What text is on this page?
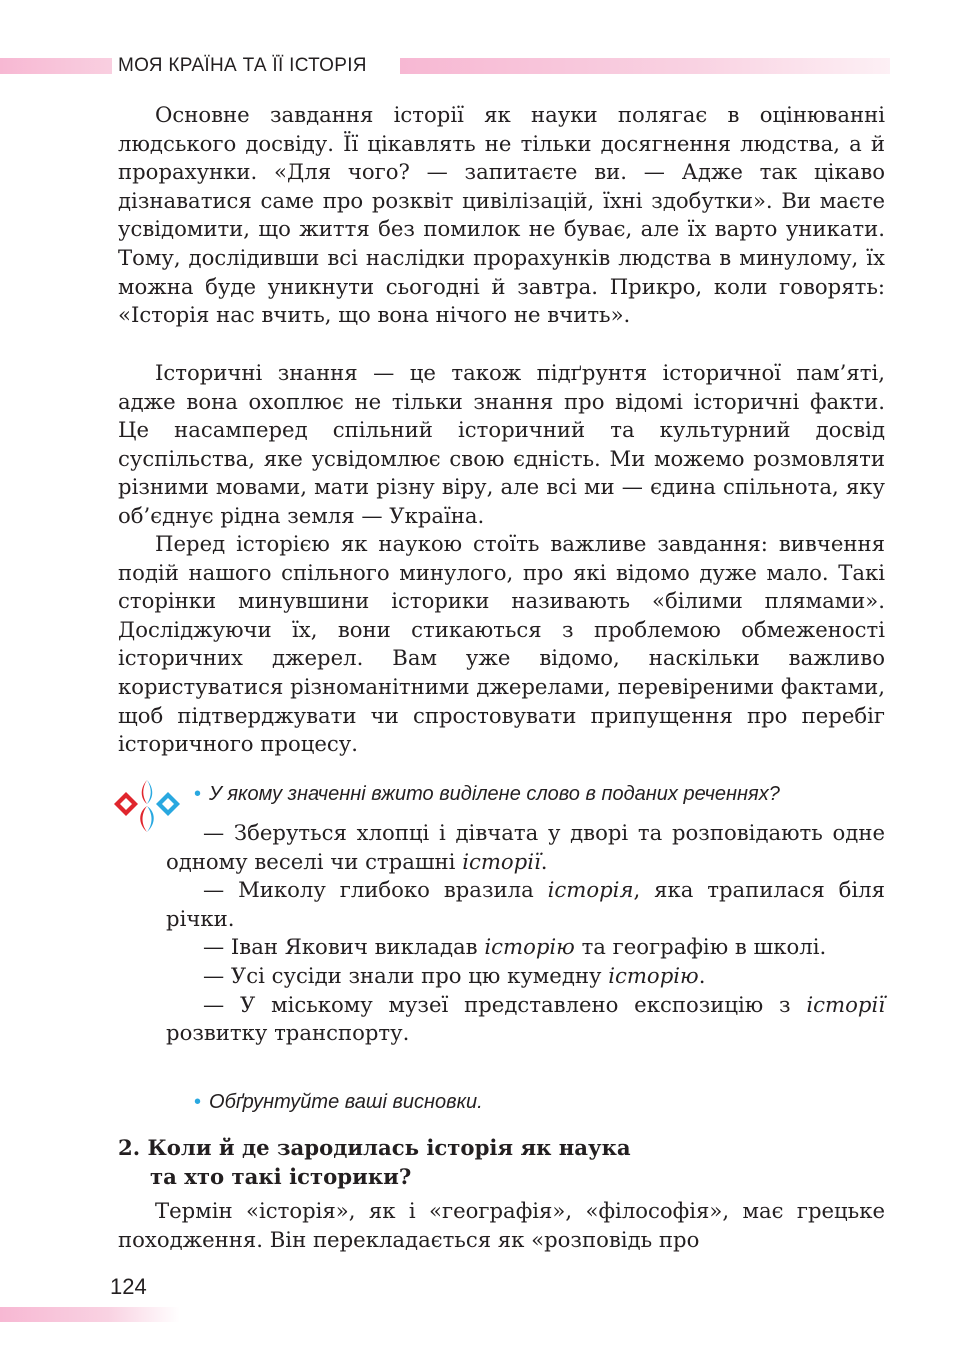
МОЯ КРАЇНА ТА ЇЇ ІСТОРІЯ

Основне завдання історії як науки полягає в оцінюванні людського досвіду. Її цікавлять не тільки досягнення людства, а й прорахунки. «Для чого? — запитаєте ви. — Адже так цікаво дізнаватися саме про розквіт цивілізацій, їхні здобутки». Ви маєте усвідомити, що життя без помилок не буває, але їх варто уникати. Тому, дослідивши всі наслідки прорахунків людства в минулому, їх можна буде уникнути сьогодні й завтра. Прикро, коли говорять: «Історія нас вчить, що вона нічого не вчить».

Історичні знання — це також підґрунтя історичної пам’яті, адже вона охоплює не тільки знання про відомі історичні факти. Це насамперед спільний історичний та культурний досвід суспільства, яке усвідомлює свою єдність. Ми можемо розмовляти різними мовами, мати різну віру, але всі ми — єдина спільнота, яку об’єднує рідна земля — Україна.

Перед історією як наукою стоїть важливе завдання: вивчення подій нашого спільного минулого, про які відомо дуже мало. Такі сторінки минувшини історики називають «білими плямами». Досліджуючи їх, вони стикаються з проблемою обмеженості історичних джерел. Вам уже відомо, наскільки важливо користуватися різноманітними джерелами, перевіреними фактами, щоб підтверджувати чи спростовувати припущення про перебіг історичного процесу.

• У якому значенні вжито виділене слово в поданих реченнях?

— Зберуться хлопці і дівчата у дворі та розповідають одне одному веселі чи страшні історії.

— Миколу глибоко вразила історія, яка трапилася біля річки.

— Іван Якович викладав історію та географію в школі.

— Усі сусіди знали про цю кумедну історію.

— У міському музеї представлено експозицію з історії розвитку транспорту.

• Обґрунтуйте ваші висновки.
2. Коли й де зародилась історія як наука
та хто такі історики?

Термін «історія», як і «географія», «філософія», має грецьке походження. Він перекладається як «розповідь про

124
